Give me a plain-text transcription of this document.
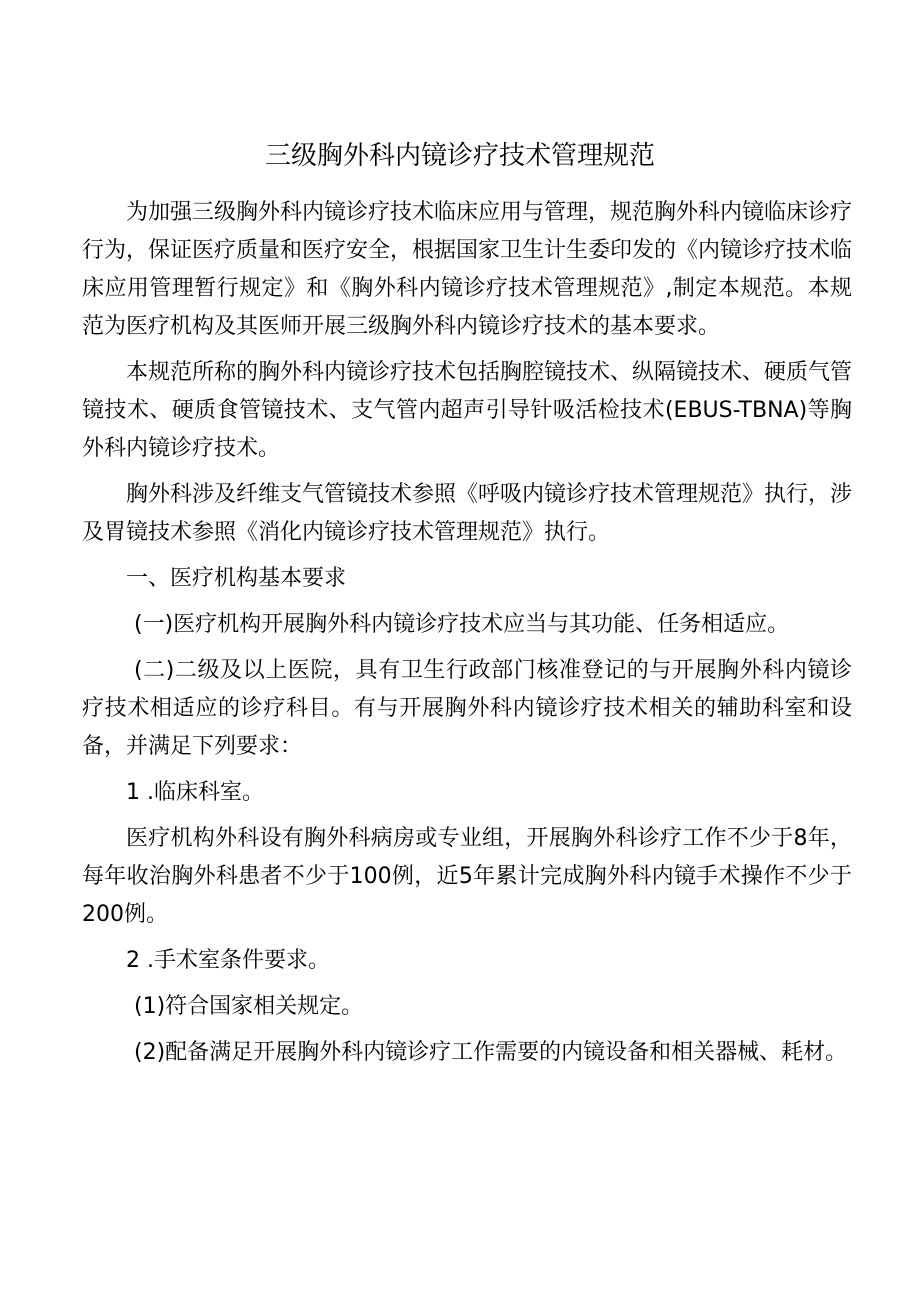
三级胸外科内镜诊疗技术管理规范

为加强三级胸外科内镜诊疗技术临床应用与管理，规范胸外科内镜临床诊疗行为，保证医疗质量和医疗安全，根据国家卫生计生委印发的《内镜诊疗技术临床应用管理暂行规定》和《胸外科内镜诊疗技术管理规范》,制定本规范。本规范为医疗机构及其医师开展三级胸外科内镜诊疗技术的基本要求。

本规范所称的胸外科内镜诊疗技术包括胸腔镜技术、纵隔镜技术、硬质气管镜技术、硬质食管镜技术、支气管内超声引导针吸活检技术(EBUS-TBNA)等胸外科内镜诊疗技术。

胸外科涉及纤维支气管镜技术参照《呼吸内镜诊疗技术管理规范》执行，涉及胃镜技术参照《消化内镜诊疗技术管理规范》执行。

一、医疗机构基本要求

(一)医疗机构开展胸外科内镜诊疗技术应当与其功能、任务相适应。

(二)二级及以上医院，具有卫生行政部门核准登记的与开展胸外科内镜诊疗技术相适应的诊疗科目。有与开展胸外科内镜诊疗技术相关的辅助科室和设备，并满足下列要求：

1 .临床科室。

医疗机构外科设有胸外科病房或专业组，开展胸外科诊疗工作不少于8年，每年收治胸外科患者不少于100例，近5年累计完成胸外科内镜手术操作不少于200例。

2 .手术室条件要求。

(1)符合国家相关规定。

(2)配备满足开展胸外科内镜诊疗工作需要的内镜设备和相关器械、耗材。
